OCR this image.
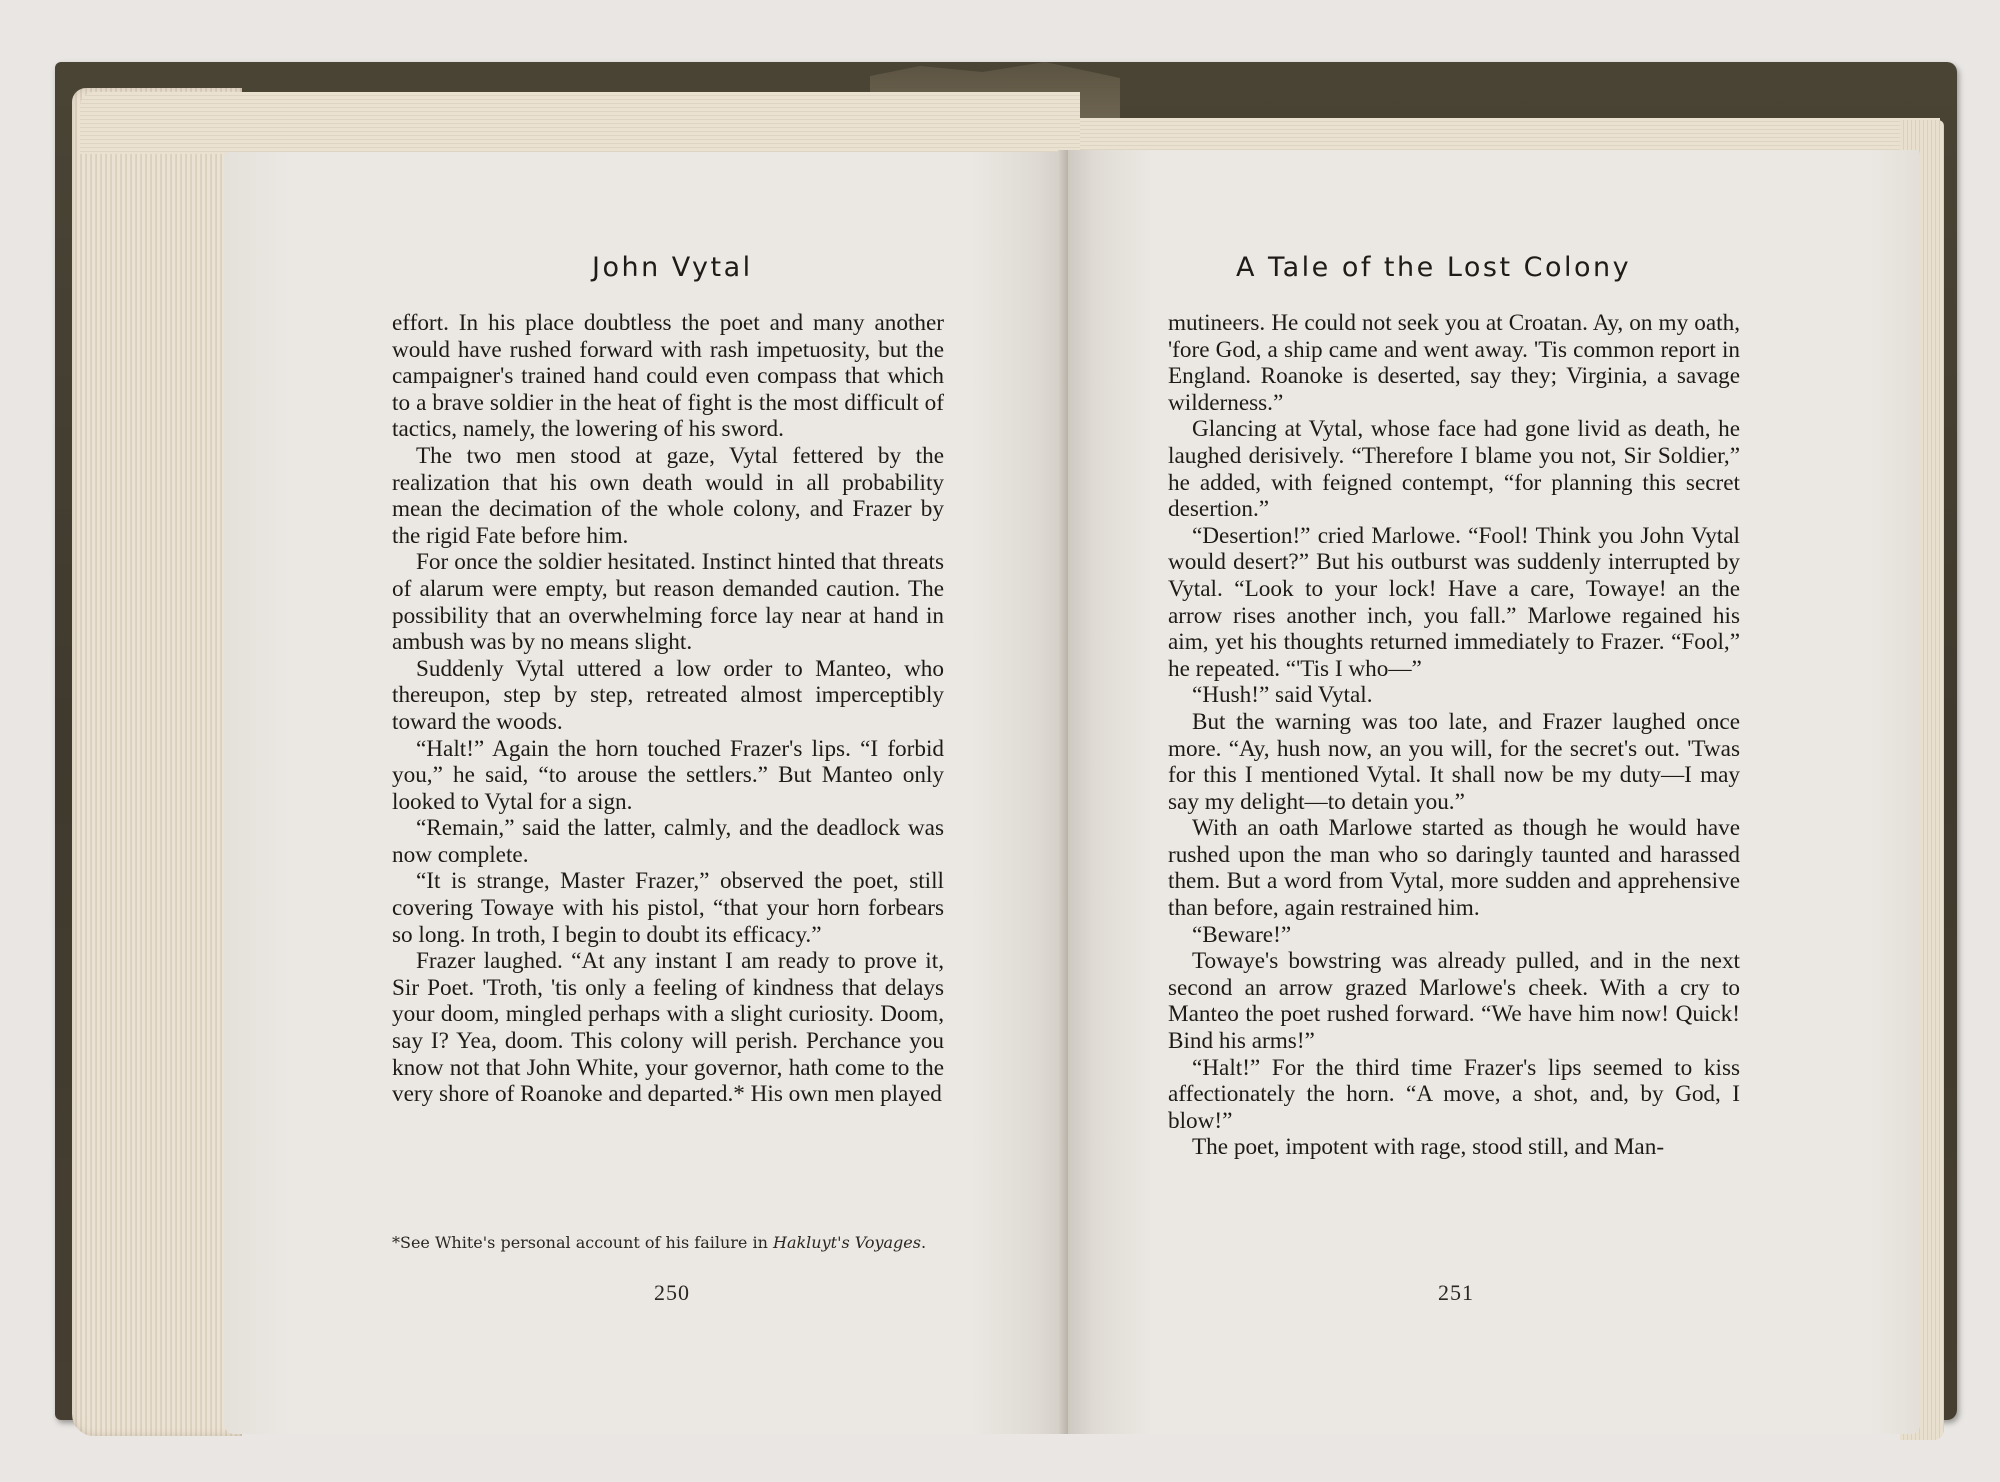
John Vytal

effort. In his place doubtless the poet and many another would have rushed forward with rash impetuosity, but the campaigner's trained hand could even compass that which to a brave soldier in the heat of fight is the most difficult of tactics, namely, the lowering of his sword.

The two men stood at gaze, Vytal fettered by the realization that his own death would in all probability mean the decimation of the whole colony, and Frazer by the rigid Fate before him.

For once the soldier hesitated. Instinct hinted that threats of alarum were empty, but reason demanded caution. The possibility that an overwhelming force lay near at hand in ambush was by no means slight.

Suddenly Vytal uttered a low order to Manteo, who thereupon, step by step, retreated almost imperceptibly toward the woods.

“Halt!” Again the horn touched Frazer's lips. “I forbid you,” he said, “to arouse the settlers.” But Manteo only looked to Vytal for a sign.

“Remain,” said the latter, calmly, and the deadlock was now complete.

“It is strange, Master Frazer,” observed the poet, still covering Towaye with his pistol, “that your horn forbears so long. In troth, I begin to doubt its efficacy.”

Frazer laughed. “At any instant I am ready to prove it, Sir Poet. 'Troth, 'tis only a feeling of kindness that delays your doom, mingled perhaps with a slight curiosity. Doom, say I? Yea, doom. This colony will perish. Perchance you know not that John White, your governor, hath come to the very shore of Roanoke and departed.* His own men played

*See White's personal account of his failure in Hakluyt's Voyages.
250
A Tale of the Lost Colony

mutineers. He could not seek you at Croatan. Ay, on my oath, 'fore God, a ship came and went away. 'Tis common report in England. Roanoke is deserted, say they; Virginia, a savage wilderness.”

Glancing at Vytal, whose face had gone livid as death, he laughed derisively. “Therefore I blame you not, Sir Soldier,” he added, with feigned contempt, “for planning this secret desertion.”

“Desertion!” cried Marlowe. “Fool! Think you John Vytal would desert?” But his outburst was suddenly interrupted by Vytal. “Look to your lock! Have a care, Towaye! an the arrow rises another inch, you fall.” Marlowe regained his aim, yet his thoughts returned immediately to Frazer. “Fool,” he repeated. “'Tis I who—”

“Hush!” said Vytal.

But the warning was too late, and Frazer laughed once more. “Ay, hush now, an you will, for the secret's out. 'Twas for this I mentioned Vytal. It shall now be my duty—I may say my delight—to detain you.”

With an oath Marlowe started as though he would have rushed upon the man who so daringly taunted and harassed them. But a word from Vytal, more sudden and apprehensive than before, again restrained him.

“Beware!”

Towaye's bowstring was already pulled, and in the next second an arrow grazed Marlowe's cheek. With a cry to Manteo the poet rushed forward. “We have him now! Quick! Bind his arms!”

“Halt!” For the third time Frazer's lips seemed to kiss affectionately the horn. “A move, a shot, and, by God, I blow!”

The poet, impotent with rage, stood still, and Man-

251
